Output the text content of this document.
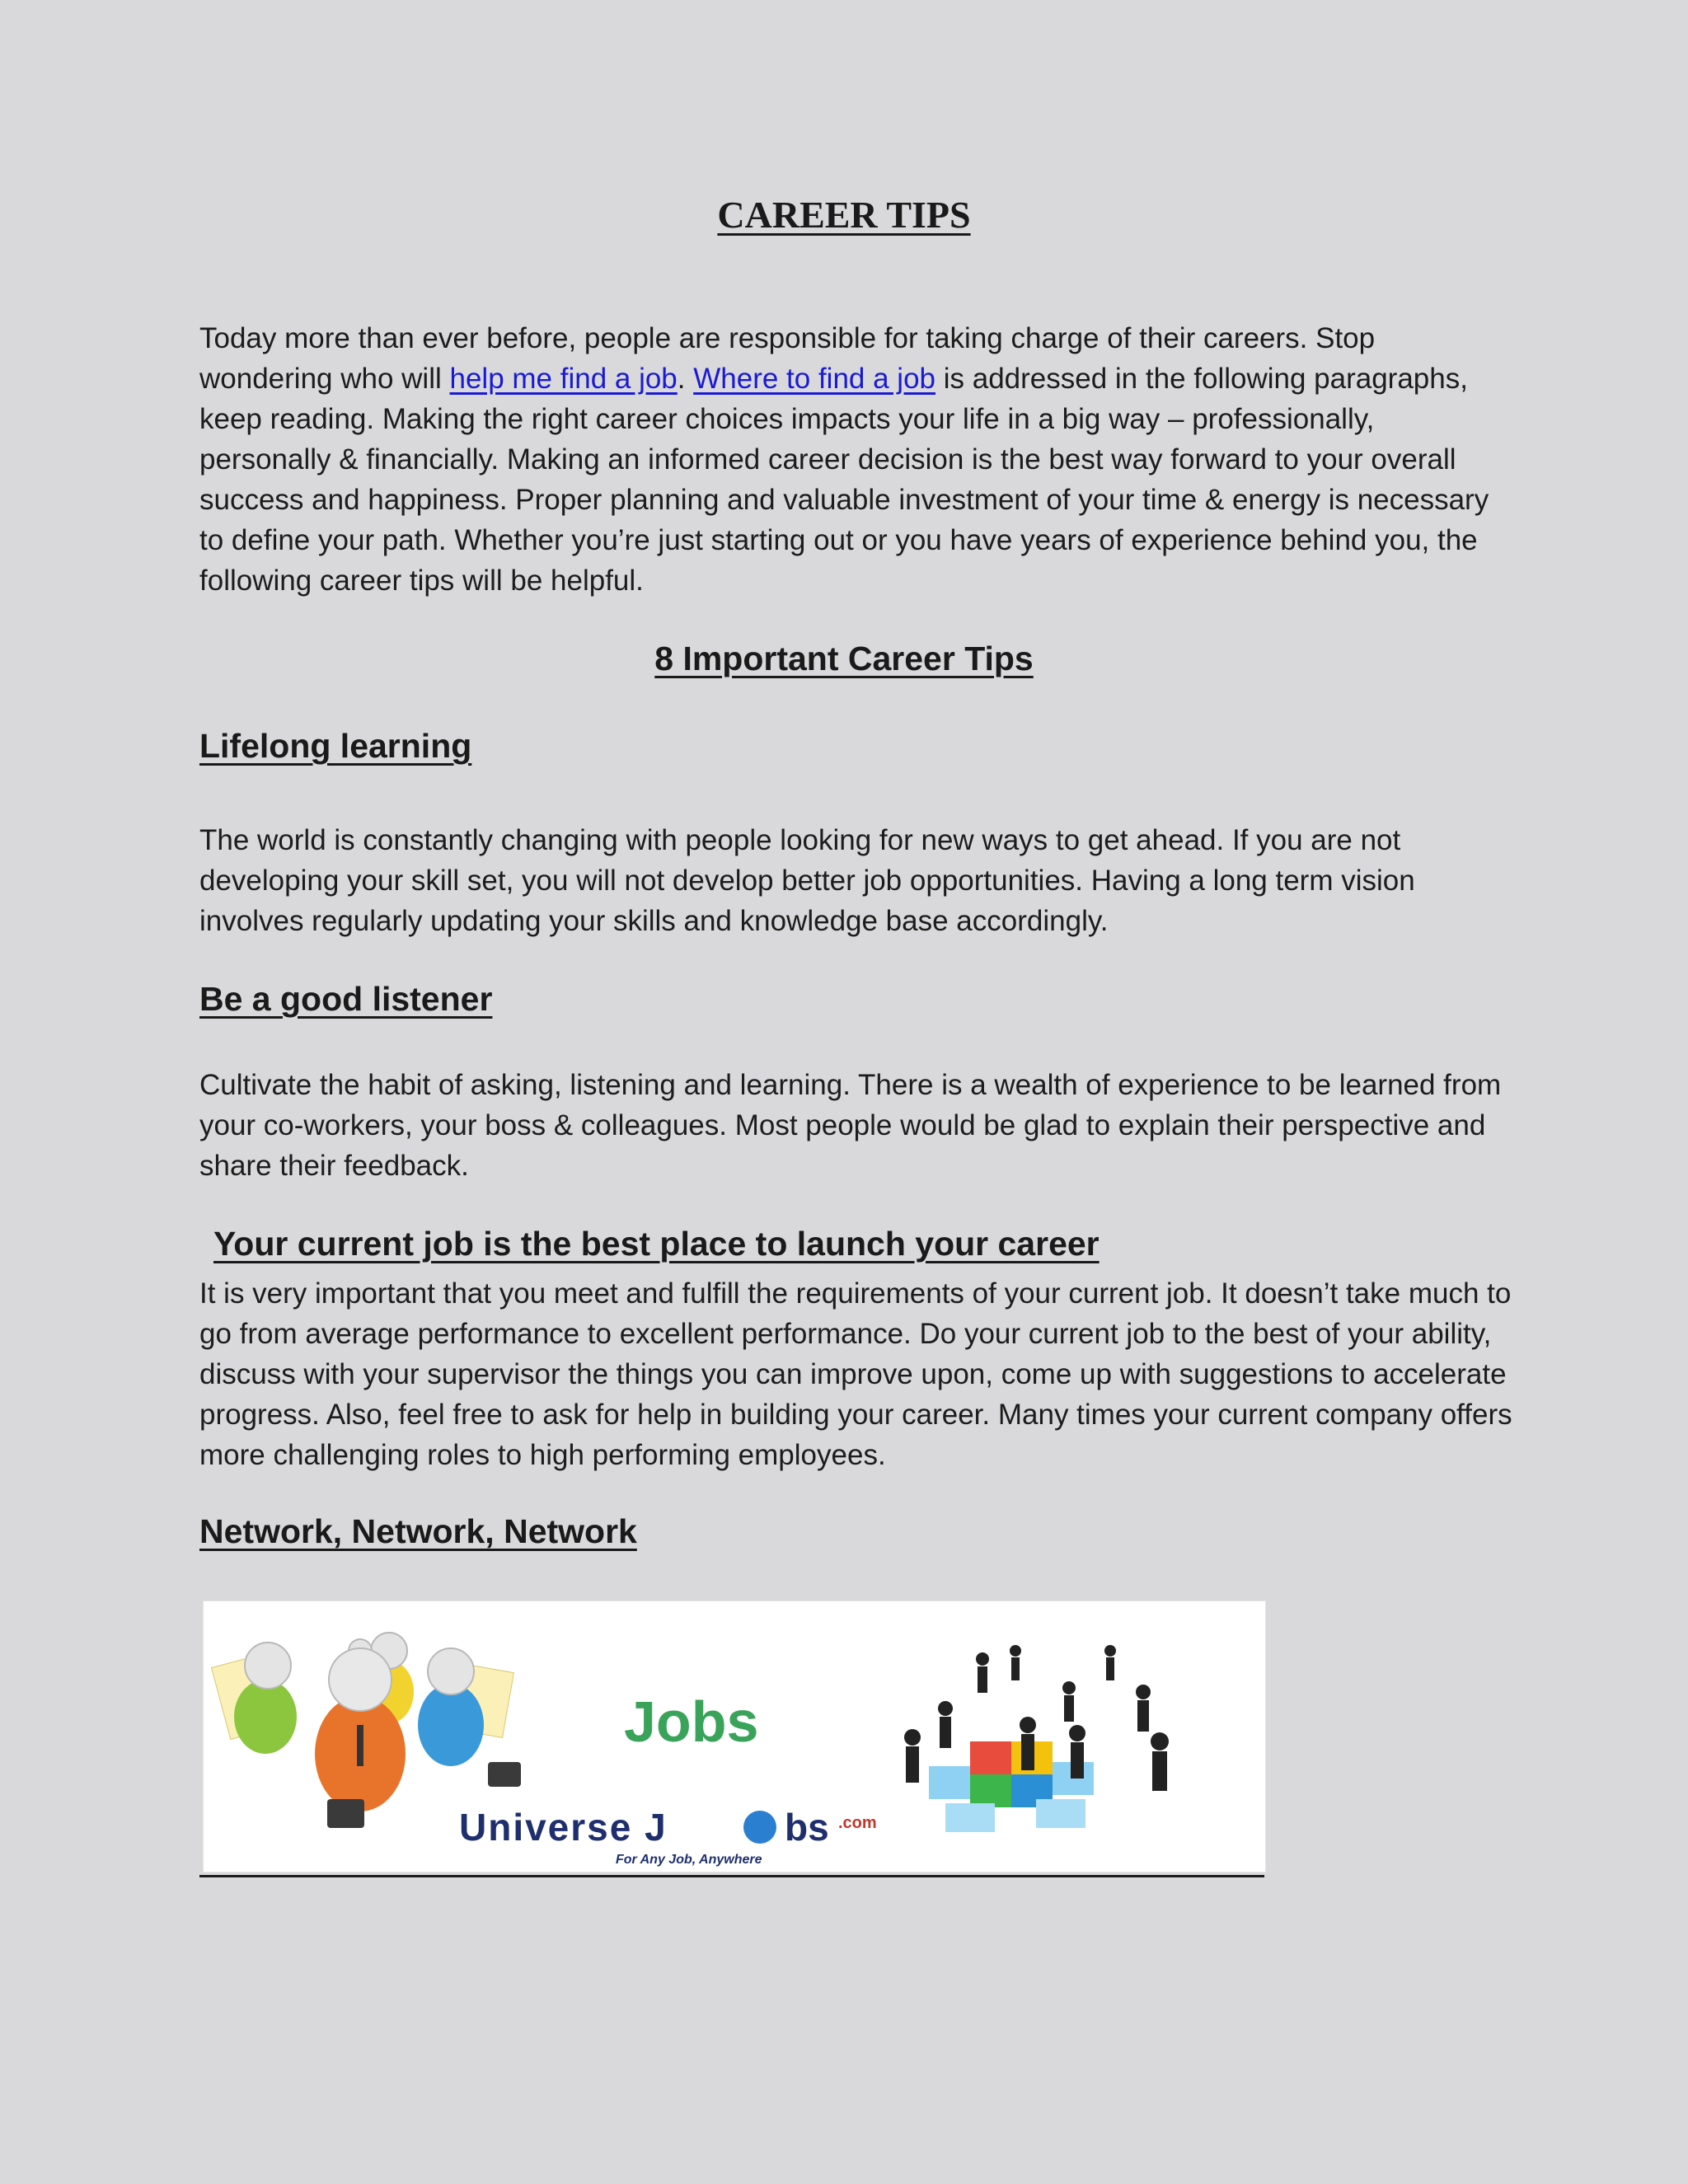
CAREER TIPS

Today more than ever before, people are responsible for taking charge of their careers. Stop wondering who will help me find a job. Where to find a job is addressed in the following paragraphs, keep reading. Making the right career choices impacts your life in a big way – professionally, personally & financially. Making an informed career decision is the best way forward to your overall success and happiness. Proper planning and valuable investment of your time & energy is necessary to define your path. Whether you’re just starting out or you have years of experience behind you, the following career tips will be helpful.

8 Important Career Tips
Lifelong learning

The world is constantly changing with people looking for new ways to get ahead. If you are not developing your skill set, you will not develop better job opportunities. Having a long term vision involves regularly updating your skills and knowledge base accordingly.

Be a good listener

Cultivate the habit of asking, listening and learning. There is a wealth of experience to be learned from your co-workers, your boss & colleagues. Most people would be glad to explain their perspective and share their feedback.

Your current job is the best place to launch your career

It is very important that you meet and fulfill the requirements of your current job. It doesn’t take much to go from average performance to excellent performance. Do your current job to the best of your ability, discuss with your supervisor the things you can improve upon, come up with suggestions to accelerate progress. Also, feel free to ask for help in building your career. Many times your current company offers more challenging roles to high performing employees.

Network, Network, Network
Jobs
Universe J	bs .com
For Any Job, Anywhere
